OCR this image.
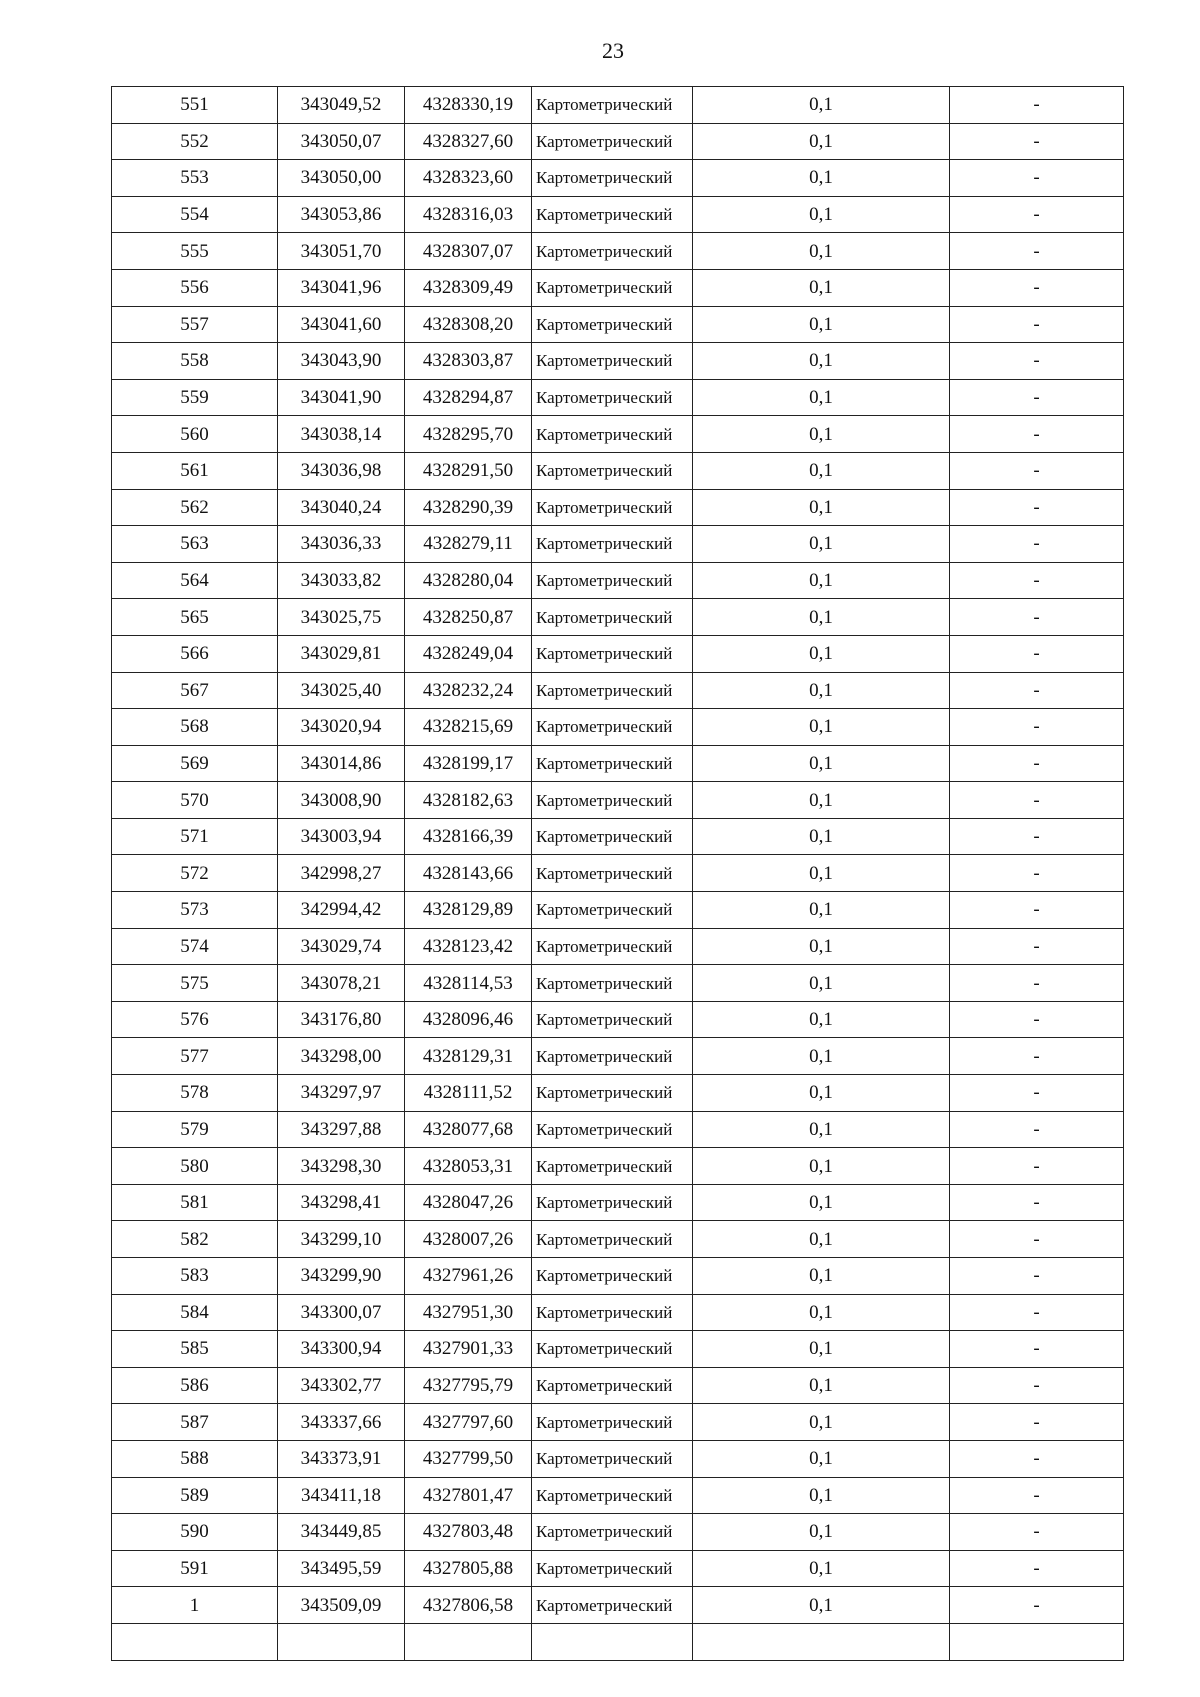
23
551	343049,52	4328330,19	Картометрический	0,1	-
552	343050,07	4328327,60	Картометрический	0,1	-
553	343050,00	4328323,60	Картометрический	0,1	-
554	343053,86	4328316,03	Картометрический	0,1	-
555	343051,70	4328307,07	Картометрический	0,1	-
556	343041,96	4328309,49	Картометрический	0,1	-
557	343041,60	4328308,20	Картометрический	0,1	-
558	343043,90	4328303,87	Картометрический	0,1	-
559	343041,90	4328294,87	Картометрический	0,1	-
560	343038,14	4328295,70	Картометрический	0,1	-
561	343036,98	4328291,50	Картометрический	0,1	-
562	343040,24	4328290,39	Картометрический	0,1	-
563	343036,33	4328279,11	Картометрический	0,1	-
564	343033,82	4328280,04	Картометрический	0,1	-
565	343025,75	4328250,87	Картометрический	0,1	-
566	343029,81	4328249,04	Картометрический	0,1	-
567	343025,40	4328232,24	Картометрический	0,1	-
568	343020,94	4328215,69	Картометрический	0,1	-
569	343014,86	4328199,17	Картометрический	0,1	-
570	343008,90	4328182,63	Картометрический	0,1	-
571	343003,94	4328166,39	Картометрический	0,1	-
572	342998,27	4328143,66	Картометрический	0,1	-
573	342994,42	4328129,89	Картометрический	0,1	-
574	343029,74	4328123,42	Картометрический	0,1	-
575	343078,21	4328114,53	Картометрический	0,1	-
576	343176,80	4328096,46	Картометрический	0,1	-
577	343298,00	4328129,31	Картометрический	0,1	-
578	343297,97	4328111,52	Картометрический	0,1	-
579	343297,88	4328077,68	Картометрический	0,1	-
580	343298,30	4328053,31	Картометрический	0,1	-
581	343298,41	4328047,26	Картометрический	0,1	-
582	343299,10	4328007,26	Картометрический	0,1	-
583	343299,90	4327961,26	Картометрический	0,1	-
584	343300,07	4327951,30	Картометрический	0,1	-
585	343300,94	4327901,33	Картометрический	0,1	-
586	343302,77	4327795,79	Картометрический	0,1	-
587	343337,66	4327797,60	Картометрический	0,1	-
588	343373,91	4327799,50	Картометрический	0,1	-
589	343411,18	4327801,47	Картометрический	0,1	-
590	343449,85	4327803,48	Картометрический	0,1	-
591	343495,59	4327805,88	Картометрический	0,1	-
1	343509,09	4327806,58	Картометрический	0,1	-
